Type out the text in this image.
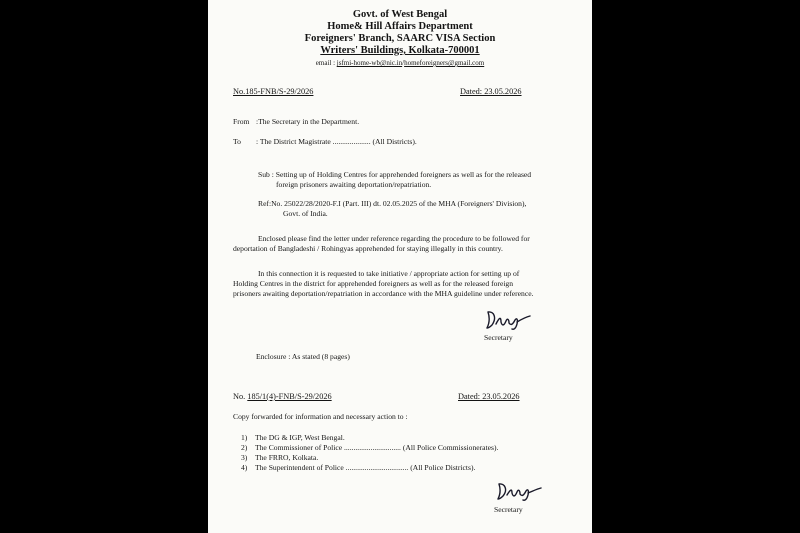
Govt. of West Bengal
Home& Hill Affairs Department
Foreigners' Branch, SAARC VISA Section
Writers' Buildings, Kolkata-700001
email : jsfmi-home-wb@nic.in/homeforeigners@gmail.com
No.185-FNB/S-29/2026	Dated: 23.05.2026
From :The Secretary in the Department.
To : The District Magistrate .................... (All Districts).
Sub : Setting up of Holding Centres for apprehended foreigners as well as for the released
foreign prisoners awaiting deportation/repatriation.
Ref:No. 25022/28/2020-F.I (Part. III) dt. 02.05.2025 of the MHA (Foreigners' Division),
Govt. of India.
Enclosed please find the letter under reference regarding the procedure to be followed for
deportation of Bangladeshi / Rohingyas apprehended for staying illegally in this country.
In this connection it is requested to take initiative / appropriate action for setting up of
Holding Centres in the district for apprehended foreigners as well as for the released foreign
prisoners awaiting deportation/repatriation in accordance with the MHA guideline under reference.
Secretary
Enclosure : As stated (8 pages)
No. 185/1(4)-FNB/S-29/2026	Dated: 23.05.2026
Copy forwarded for information and necessary action to :
1) The DG & IGP, West Bengal.
2) The Commissioner of Police .............................. (All Police Commissionerates).
3) The FRRO, Kolkata.
4) The Superintendent of Police ................................. (All Police Districts).
Secretary
